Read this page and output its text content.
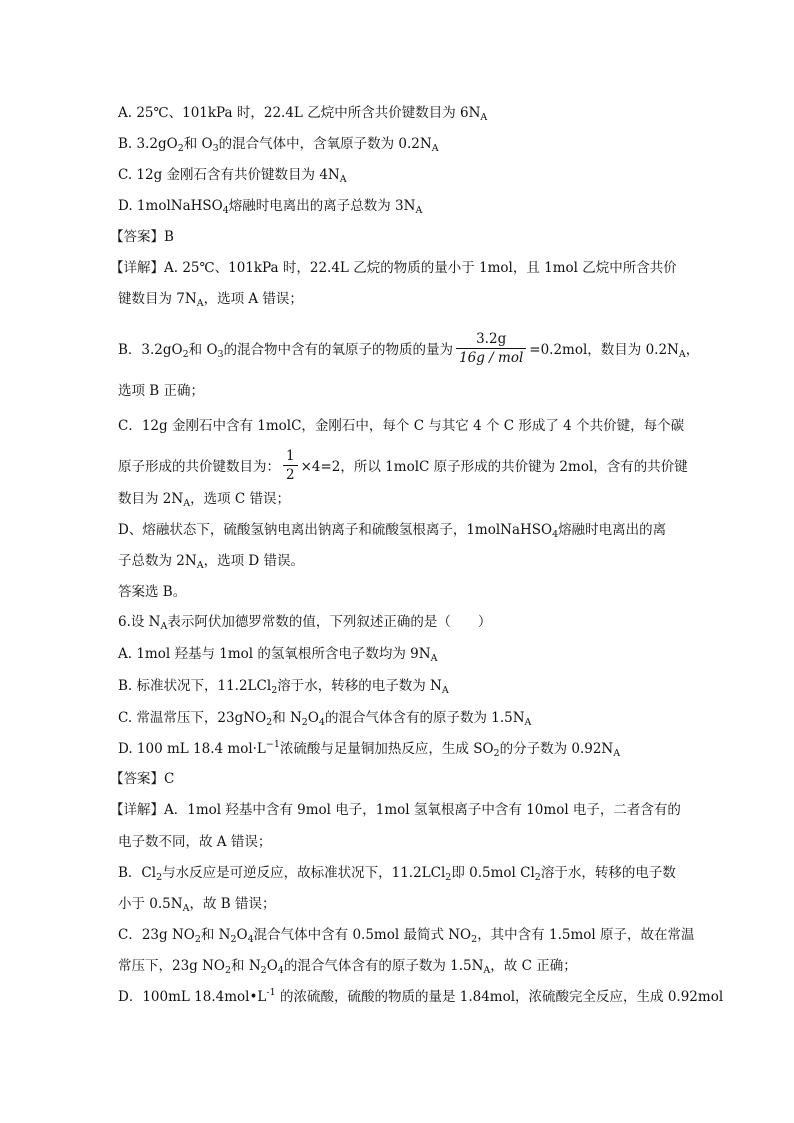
A. 25℃、101kPa 时，22.4L 乙烷中所含共价键数目为 $6N_A$
B. $3.2gO_2$和 $O_3$的混合气体中，含氧原子数为 $0.2N_A$
C. 12g 金刚石含有共价键数目为 $4N_A$
D. 1molNaHSO$_4$熔融时电离出的离子总数为 $3N_A$
【答案】B
【详解】A. 25℃、101kPa 时，22.4L 乙烷的物质的量小于 1mol，且 1mol 乙烷中所含共价
键数目为 $7N_A$，选项 A 错误；
B．$3.2gO_2$和 $O_3$的混合物中含有的氧原子的物质的量为 $\frac{3.2g}{\text{16g / mol}} =0.2mol$，数目为 $0.2N_A$，
选项 B 正确；
C．12g 金刚石中含有 1molC，金刚石中，每个 C 与其它 4 个 C 形成了 4 个共价键，每个碳
原子形成的共价键数目为： $\frac{1}{2} \times 4=2$，所以 1molC 原子形成的共价键为 2mol，含有的共价键
数目为 $2N_A$，选项 C 错误；
D、熔融状态下，硫酸氢钠电离出钠离子和硫酸氢根离子，1molNaHSO$_4$熔融时电离出的离
子总数为 $2N_A$，选项 D 错误。
答案选 B。
6.设 $N_A$表示阿伏加德罗常数的值，下列叙述正确的是（　　）
A. 1mol 羟基与 1mol 的氢氧根所含电子数均为 $9N_A$
B. 标准状况下，11.2LCl$_2$溶于水，转移的电子数为 $N_A$
C. 常温常压下，23gNO$_2$和 $N_2O_4$的混合气体含有的原子数为 $1.5N_A$
D. 100 mL 18.4 $mol\cdot L^{-1}$浓硫酸与足量铜加热反应，生成 $SO_2$的分子数为 $0.92N_A$
【答案】C
【详解】A．1mol 羟基中含有 9mol 电子，1mol 氢氧根离子中含有 10mol 电子，二者含有的
电子数不同，故 A 错误；
B．$Cl_2$与水反应是可逆反应，故标准状况下，11.2LCl$_2$即 0.5mol $Cl_2$溶于水，转移的电子数
小于 $0.5N_A$，故 B 错误；
C．23g $NO_2$和 $N_2O_4$混合气体中含有 0.5mol 最简式 $NO_2$，其中含有 1.5mol 原子，故在常温
常压下，23g $NO_2$和 $N_2O_4$的混合气体含有的原子数为 $1.5N_A$，故 C 正确；
D．100mL $18.4mol•L^{-1}$ 的浓硫酸，硫酸的物质的量是 1.84mol，浓硫酸完全反应，生成 0.92mol
